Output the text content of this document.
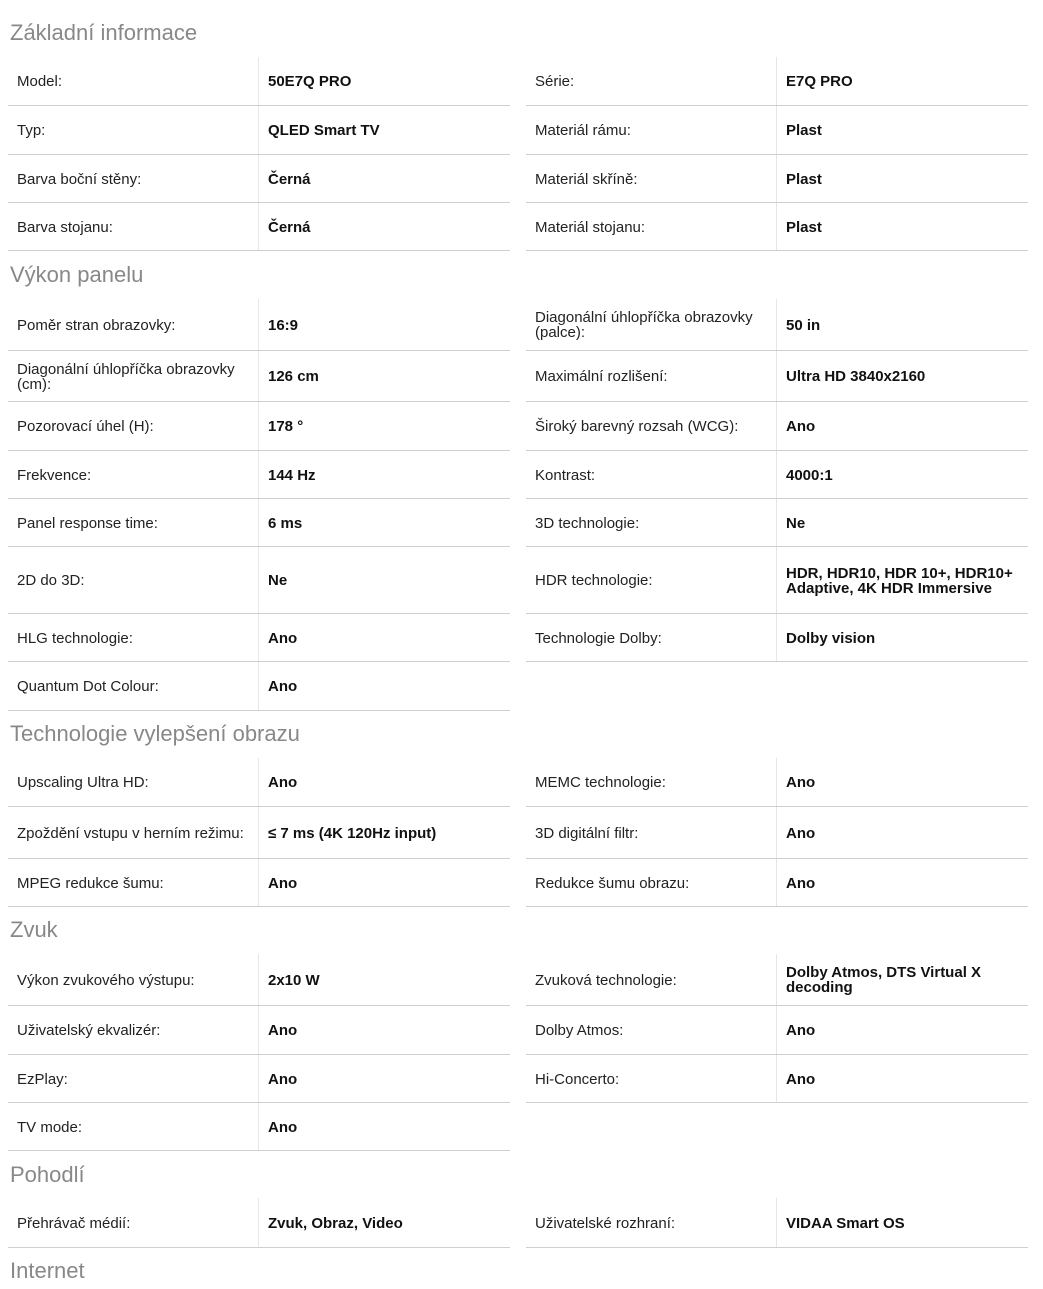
Základní informace
Model:	50E7Q PRO	Série:	E7Q PRO
Typ:	QLED Smart TV	Materiál rámu:	Plast
Barva boční stěny:	Černá	Materiál skříně:	Plast
Barva stojanu:	Černá	Materiál stojanu:	Plast
Výkon panelu
Poměr stran obrazovky:	16:9	Diagonální úhlopříčka obrazovky (palce):	50 in
Diagonální úhlopříčka obrazovky (cm):	126 cm	Maximální rozlišení:	Ultra HD 3840x2160
Pozorovací úhel (H):	178 °	Široký barevný rozsah (WCG):	Ano
Frekvence:	144 Hz	Kontrast:	4000:1
Panel response time:	6 ms	3D technologie:	Ne
2D do 3D:	Ne	HDR technologie:	HDR, HDR10, HDR 10+, HDR10+ Adaptive, 4K HDR Immersive
HLG technologie:	Ano	Technologie Dolby:	Dolby vision
Quantum Dot Colour:	Ano
Technologie vylepšení obrazu
Upscaling Ultra HD:	Ano	MEMC technologie:	Ano
Zpoždění vstupu v herním režimu:	≤ 7 ms (4K 120Hz input)	3D digitální filtr:	Ano
MPEG redukce šumu:	Ano	Redukce šumu obrazu:	Ano
Zvuk
Výkon zvukového výstupu:	2x10 W	Zvuková technologie:	Dolby Atmos, DTS Virtual X decoding
Uživatelský ekvalizér:	Ano	Dolby Atmos:	Ano
EzPlay:	Ano	Hi-Concerto:	Ano
TV mode:	Ano
Pohodlí
Přehrávač médií:	Zvuk, Obraz, Video	Uživatelské rozhraní:	VIDAA Smart OS
Internet
